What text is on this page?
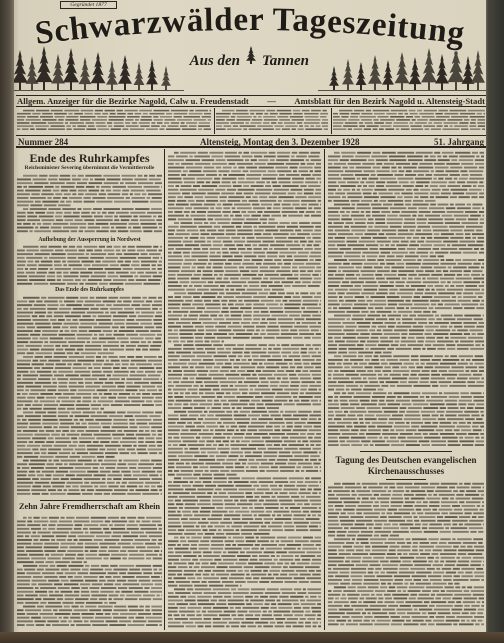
Gegründet 1877
Schwarzwälder Tageszeitung
Aus den Tannen
Allgem. Anzeiger für die Bezirke Nagold, Calw u. Freudenstadt	—	Amtsblatt für den Bezirk Nagold u. Altensteig-Stadt
Nummer 284	Altensteig, Montag den 3. Dezember 1928	51. Jahrgang
Ende des Ruhrkampfes
Reichsminister Severing übernimmt die Vermittlerrolle
Aufhebung der Aussperrung in Nordwest
Das Ende des Ruhrkampfes
Zehn Jahre Fremdherrschaft am Rhein
Tagung des Deutschen evangelischen Kirchenausschusses
